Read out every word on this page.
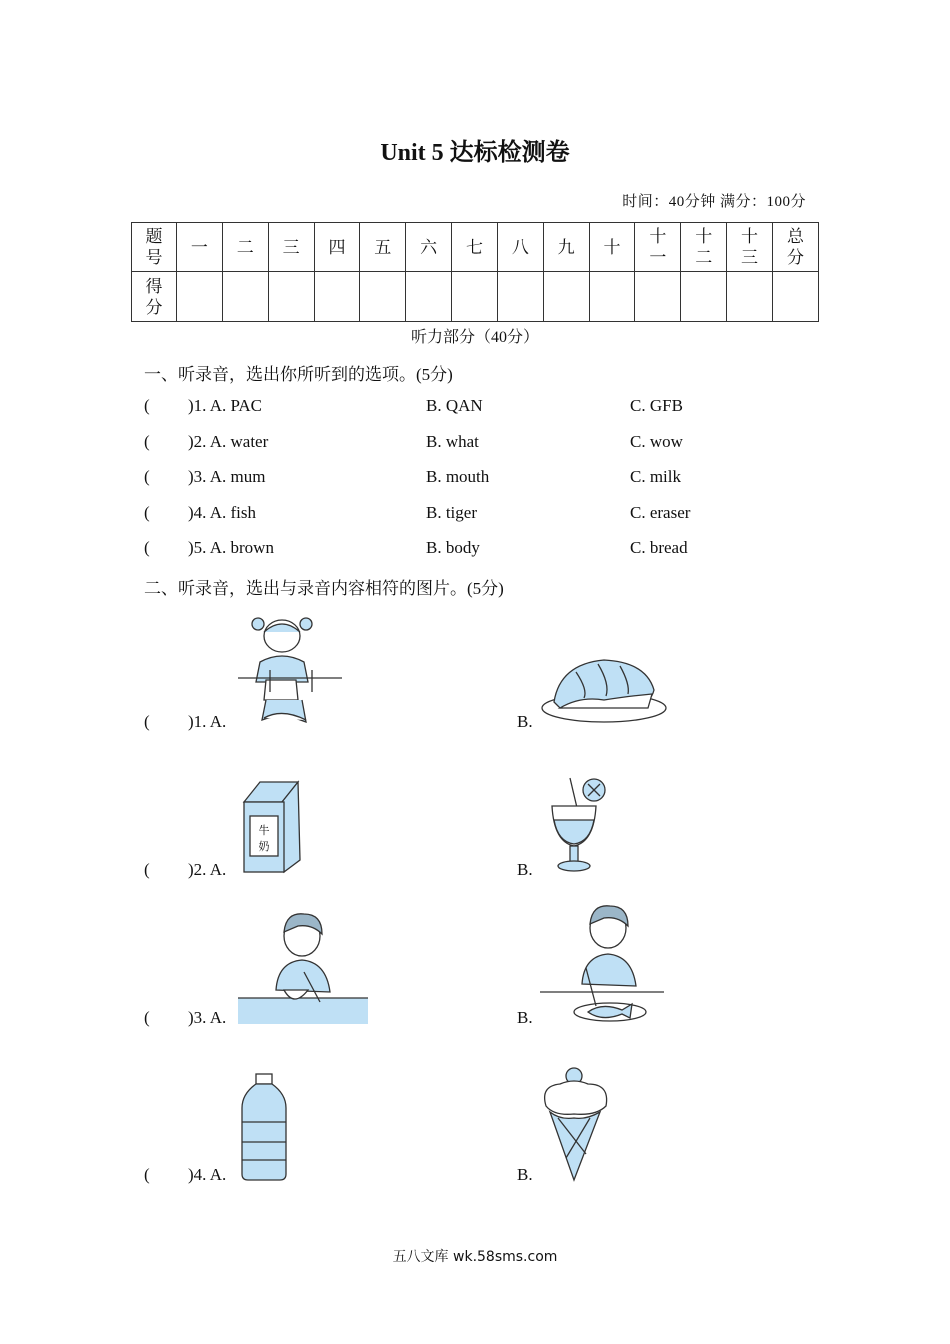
Unit 5 达标检测卷
时间：40分钟 满分：100分
题号	一	二	三	四	五	六	七	八	九	十	十一	十二	十三	总分
得分														
听力部分（40分）
一、听录音，选出你所听到的选项。(5分)
( )1. A. PAC	B. QAN	C. GFB
( )2. A. water	B. what	C. wow
( )3. A. mum	B. mouth	C. milk
( )4. A. fish	B. tiger	C. eraser
( )5. A. brown	B. body	C. bread
二、听录音，选出与录音内容相符的图片。(5分)
( )1. A.	B.
( )2. A.	B.
( )3. A.	B.
( )4. A.	B.
牛
奶
五八文库 wk.58sms.com
